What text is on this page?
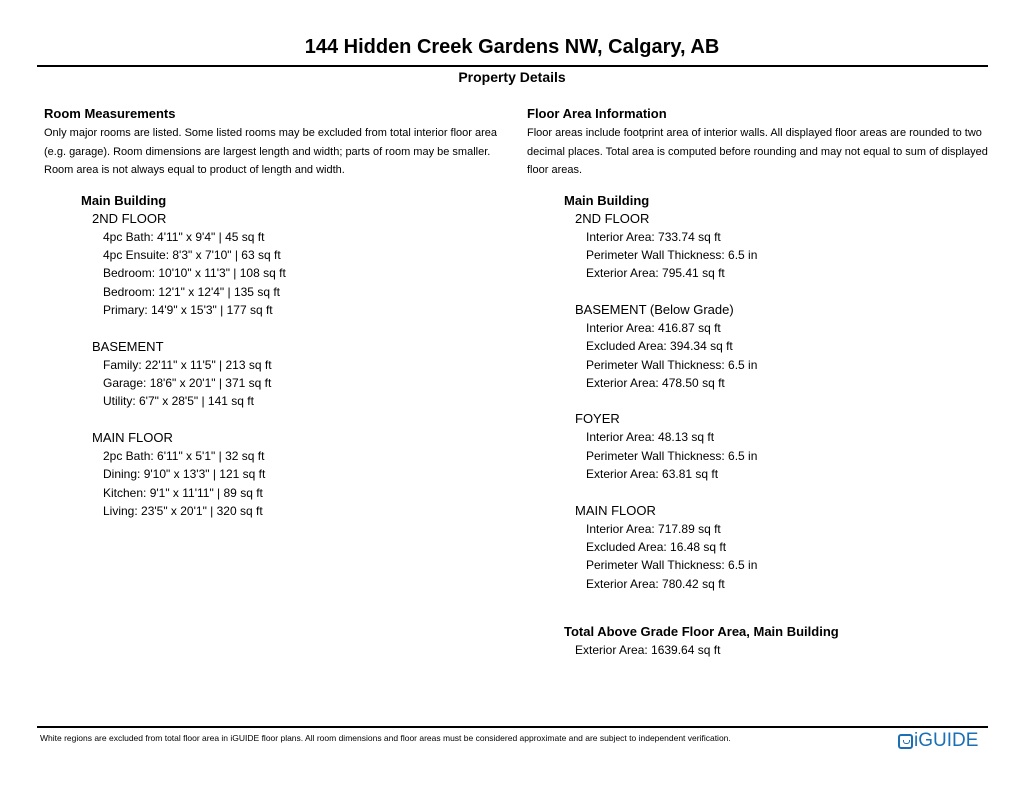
144 Hidden Creek Gardens NW, Calgary, AB
Property Details
Room Measurements
Only major rooms are listed. Some listed rooms may be excluded from total interior floor area
(e.g. garage). Room dimensions are largest length and width; parts of room may be smaller.
Room area is not always equal to product of length and width.
Main Building
2ND FLOOR
4pc Bath: 4'11" x 9'4" | 45 sq ft
4pc Ensuite: 8'3" x 7'10" | 63 sq ft
Bedroom: 10'10" x 11'3" | 108 sq ft
Bedroom: 12'1" x 12'4" | 135 sq ft
Primary: 14'9" x 15'3" | 177 sq ft
BASEMENT
Family: 22'11" x 11'5" | 213 sq ft
Garage: 18'6" x 20'1" | 371 sq ft
Utility: 6'7" x 28'5" | 141 sq ft
MAIN FLOOR
2pc Bath: 6'11" x 5'1" | 32 sq ft
Dining: 9'10" x 13'3" | 121 sq ft
Kitchen: 9'1" x 11'11" | 89 sq ft
Living: 23'5" x 20'1" | 320 sq ft
Floor Area Information
Floor areas include footprint area of interior walls. All displayed floor areas are rounded to two
decimal places. Total area is computed before rounding and may not equal to sum of displayed
floor areas.
Main Building
2ND FLOOR
Interior Area: 733.74 sq ft
Perimeter Wall Thickness: 6.5 in
Exterior Area: 795.41 sq ft
BASEMENT (Below Grade)
Interior Area: 416.87 sq ft
Excluded Area: 394.34 sq ft
Perimeter Wall Thickness: 6.5 in
Exterior Area: 478.50 sq ft
FOYER
Interior Area: 48.13 sq ft
Perimeter Wall Thickness: 6.5 in
Exterior Area: 63.81 sq ft
MAIN FLOOR
Interior Area: 717.89 sq ft
Excluded Area: 16.48 sq ft
Perimeter Wall Thickness: 6.5 in
Exterior Area: 780.42 sq ft
Total Above Grade Floor Area, Main Building
Exterior Area: 1639.64 sq ft
White regions are excluded from total floor area in iGUIDE floor plans. All room dimensions and floor areas must be considered approximate and are subject to independent verification.	iGUIDE
